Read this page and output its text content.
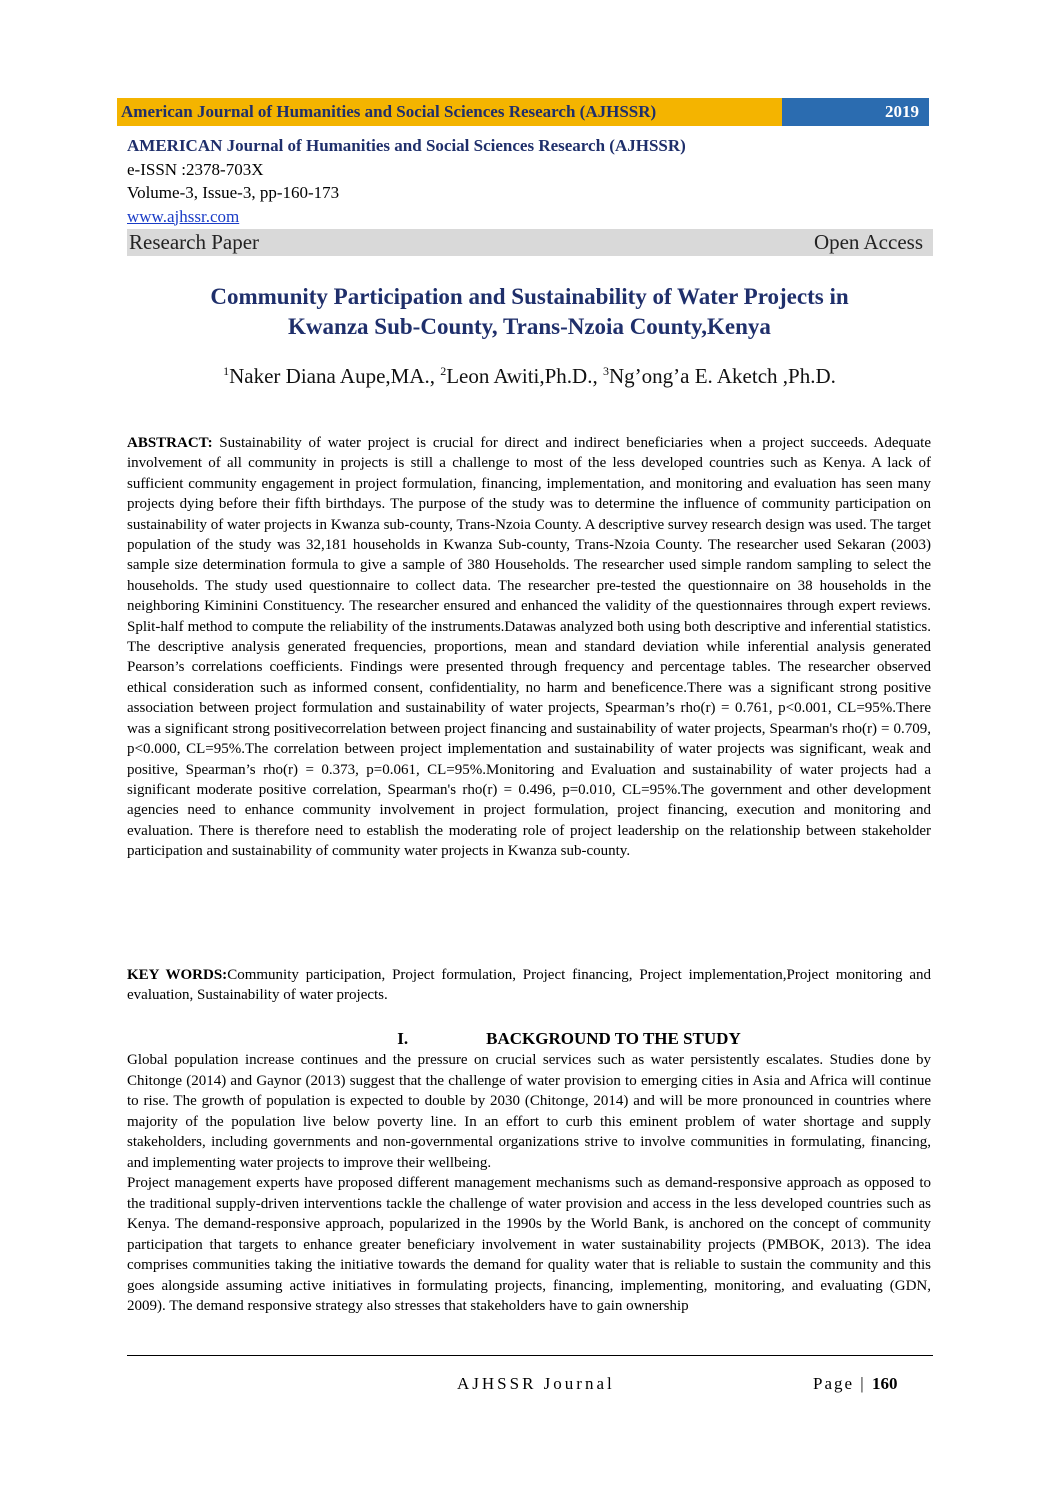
American Journal of Humanities and Social Sciences Research (AJHSSR)	2019
AMERICAN Journal of Humanities and Social Sciences Research (AJHSSR)
e-ISSN :2378-703X
Volume-3, Issue-3, pp-160-173
www.ajhssr.com
Research Paper	Open Access
Community Participation and Sustainability of Water Projects in
Kwanza Sub-County, Trans-Nzoia County,Kenya
$^1$Naker Diana Aupe,MA., $^2$Leon Awiti,Ph.D., $^3$Ng’ong’a E. Aketch ,Ph.D.
ABSTRACT: Sustainability of water project is crucial for direct and indirect beneficiaries when a project succeeds. Adequate involvement of all community in projects is still a challenge to most of the less developed countries such as Kenya. A lack of sufficient community engagement in project formulation, financing, implementation, and monitoring and evaluation has seen many projects dying before their fifth birthdays. The purpose of the study was to determine the influence of community participation on sustainability of water projects in Kwanza sub-county, Trans-Nzoia County. A descriptive survey research design was used. The target population of the study was 32,181 households in Kwanza Sub-county, Trans-Nzoia County. The researcher used Sekaran (2003) sample size determination formula to give a sample of 380 Households. The researcher used simple random sampling to select the households. The study used questionnaire to collect data. The researcher pre-tested the questionnaire on 38 households in the neighboring Kiminini Constituency. The researcher ensured and enhanced the validity of the questionnaires through expert reviews. Split-half method to compute the reliability of the instruments.Datawas analyzed both using both descriptive and inferential statistics. The descriptive analysis generated frequencies, proportions, mean and standard deviation while inferential analysis generated Pearson’s correlations coefficients. Findings were presented through frequency and percentage tables. The researcher observed ethical consideration such as informed consent, confidentiality, no harm and beneficence.There was a significant strong positive association between project formulation and sustainability of water projects, Spearman’s rho(r) = 0.761, p<0.001, CL=95%.There was a significant strong positivecorrelation between project financing and sustainability of water projects, Spearman's rho(r) = 0.709, p<0.000, CL=95%.The correlation between project implementation and sustainability of water projects was significant, weak and positive, Spearman’s rho(r) = 0.373, p=0.061, CL=95%.Monitoring and Evaluation and sustainability of water projects had a significant moderate positive correlation, Spearman's rho(r) = 0.496, p=0.010, CL=95%.The government and other development agencies need to enhance community involvement in project formulation, project financing, execution and monitoring and evaluation. There is therefore need to establish the moderating role of project leadership on the relationship between stakeholder participation and sustainability of community water projects in Kwanza sub-county.
KEY WORDS:Community participation, Project formulation, Project financing, Project implementation,Project monitoring and evaluation, Sustainability of water projects.
I.	BACKGROUND TO THE STUDY

Global population increase continues and the pressure on crucial services such as water persistently escalates. Studies done by Chitonge (2014) and Gaynor (2013) suggest that the challenge of water provision to emerging cities in Asia and Africa will continue to rise. The growth of population is expected to double by 2030 (Chitonge, 2014) and will be more pronounced in countries where majority of the population live below poverty line. In an effort to curb this eminent problem of water shortage and supply stakeholders, including governments and non-governmental organizations strive to involve communities in formulating, financing, and implementing water projects to improve their wellbeing.

Project management experts have proposed different management mechanisms such as demand-responsive approach as opposed to the traditional supply-driven interventions tackle the challenge of water provision and access in the less developed countries such as Kenya. The demand-responsive approach, popularized in the 1990s by the World Bank, is anchored on the concept of community participation that targets to enhance greater beneficiary involvement in water sustainability projects (PMBOK, 2013). The idea comprises communities taking the initiative towards the demand for quality water that is reliable to sustain the community and this goes alongside assuming active initiatives in formulating projects, financing, implementing, monitoring, and evaluating (GDN, 2009). The demand responsive strategy also stresses that stakeholders have to gain ownership

AJHSSR Journal	Page | 160
